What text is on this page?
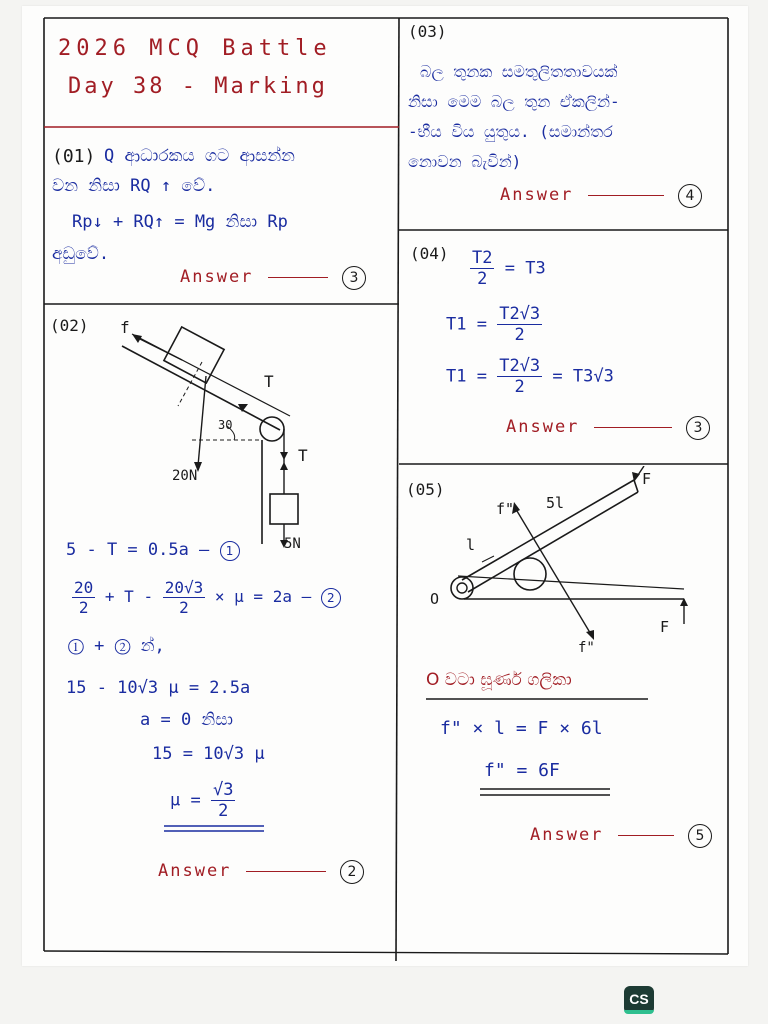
2026 MCQ Battle
Day 38 - Marking
(01) Q ආධාරකය ගට ආසන්න
වන නිසා RQ ↑ වේ.
Rp↓ + RQ↑ = Mg නිසා Rp
අඩුවේ.
Answer	3
(02) f
T
30
T
20N
5N
5 - T = 0.5a — 1
$\frac{20}{2} + T - \frac{20√3}{2} \times \mu = 2a$ — 2
① + ② න්,
15 - 10√3 μ = 2.5a
a = 0 නිසා
15 = 10√3 μ
$\mu = \frac{√3}{2}$
Answer	2
(03)
බල තුනක සමතුලිතතාවයක්
නිසා මෙම බල තුන ඒකලින්-
-භීය විය යුතුය. (සමාන්තර
නොවන බැවින්)
Answer	4
$(04) \frac{T2}{2} = T3$
$T1 = \frac{T2√3}{2}$
$T1 = \frac{T2√3}{2} = T3√3$
Answer	3
(05)
F
f" 5l
l
O
F
f"
O වටා ඝූර්ණ ගලිකා
f" × l = F × 6l
f" = 6F
Answer	5
CS
